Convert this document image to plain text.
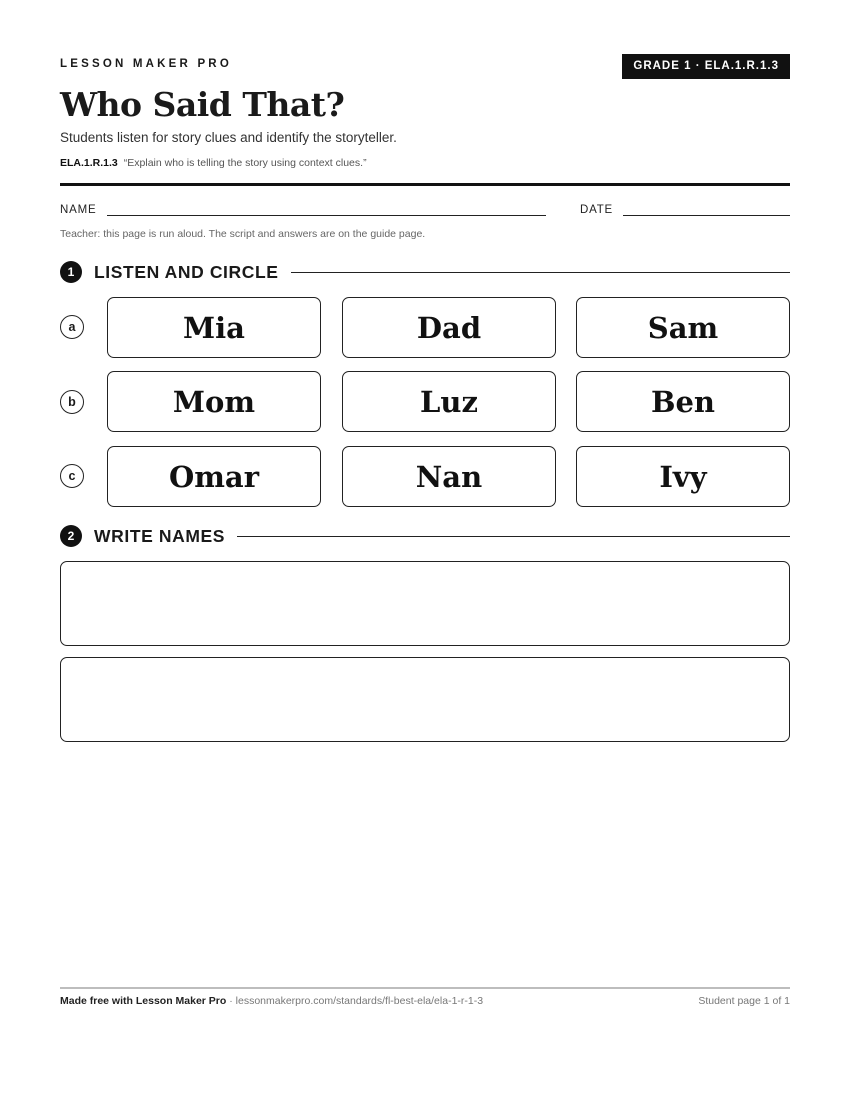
LESSON MAKER PRO	GRADE 1 · ELA.1.R.1.3
Who Said That?
Students listen for story clues and identify the storyteller.
ELA.1.R.1.3 “Explain who is telling the story using context clues.”
NAME	DATE
Teacher: this page is run aloud. The script and answers are on the guide page.
1	LISTEN AND CIRCLE
a	Mia	Dad	Sam
b	Mom	Luz	Ben
c	Omar	Nan	Ivy
2	WRITE NAMES
Made free with Lesson Maker Pro · lessonmakerpro.com/standards/fl-best-ela/ela-1-r-1-3	Student page 1 of 1
